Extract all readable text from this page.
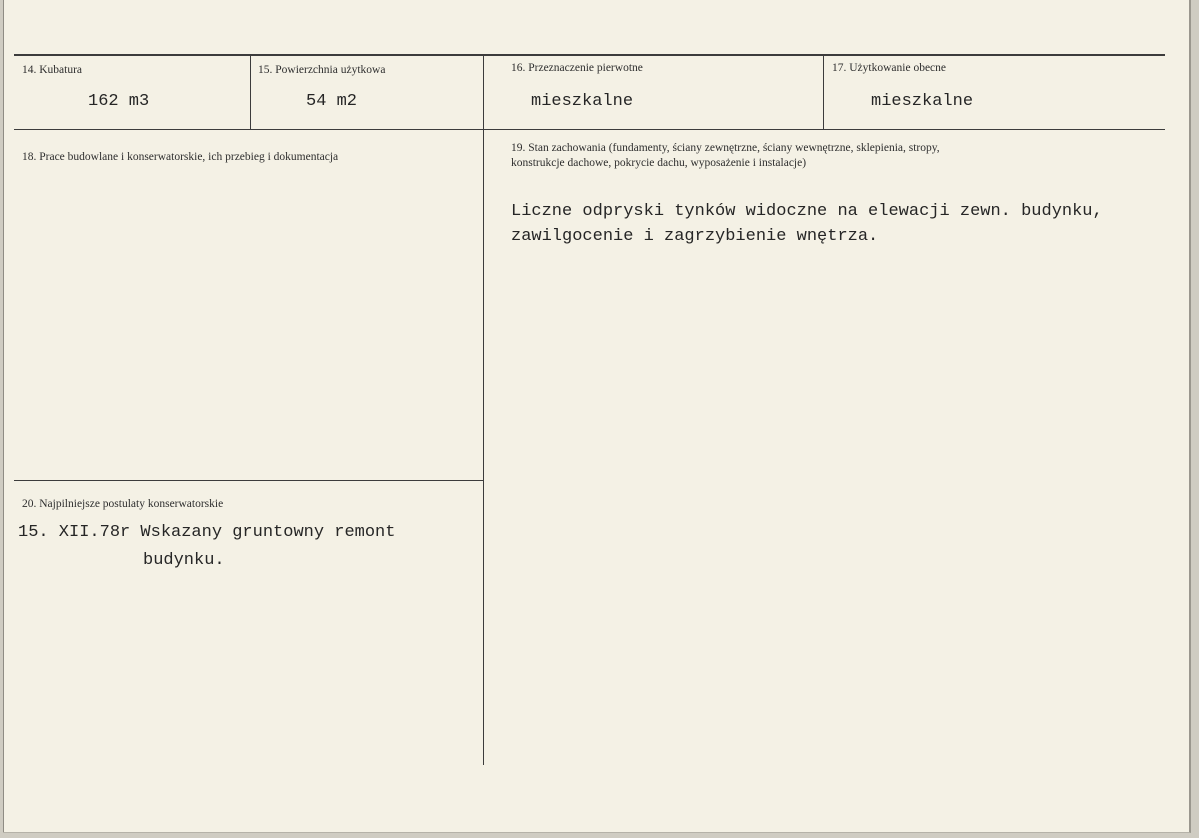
14. Kubatura
162 m3
15. Powierzchnia użytkowa
54 m2
16. Przeznaczenie pierwotne
mieszkalne
17. Użytkowanie obecne
mieszkalne
18. Prace budowlane i konserwatorskie, ich przebieg i dokumentacja
19. Stan zachowania (fundamenty, ściany zewnętrzne, ściany wewnętrzne, sklepienia, stropy,
konstrukcje dachowe, pokrycie dachu, wyposażenie i instalacje)
Liczne odpryski tynków widoczne na elewacji zewn. budynku,
zawilgocenie i zagrzybienie wnętrza.
20. Najpilniejsze postulaty konserwatorskie
15. XII.78r Wskazany gruntowny remont
budynku.
